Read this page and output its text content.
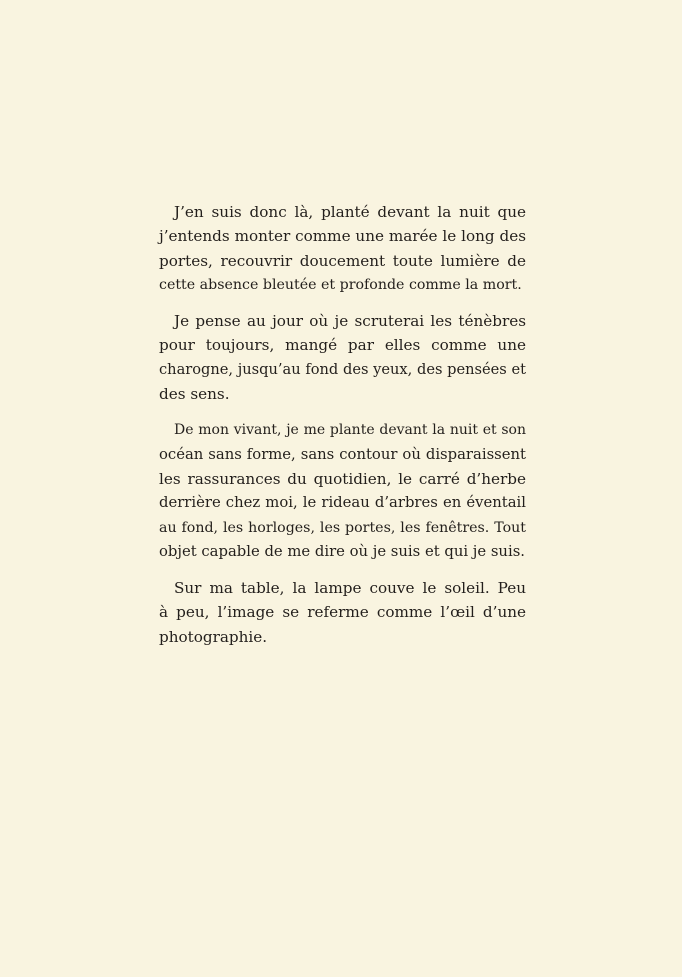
J’en suis donc là, planté devant la nuit que
j’entends monter comme une marée le long des
portes, recouvrir doucement toute lumière de
cette absence bleutée et profonde comme la mort.

Je pense au jour où je scruterai les ténèbres
pour toujours, mangé par elles comme une
charogne, jusqu’au fond des yeux, des pensées et
des sens.

De mon vivant, je me plante devant la nuit et son
océan sans forme, sans contour où disparaissent
les rassurances du quotidien, le carré d’herbe
derrière chez moi, le rideau d’arbres en éventail
au fond, les horloges, les portes, les fenêtres. Tout
objet capable de me dire où je suis et qui je suis.

Sur ma table, la lampe couve le soleil. Peu
à peu, l’image se referme comme l’œil d’une
photographie.
